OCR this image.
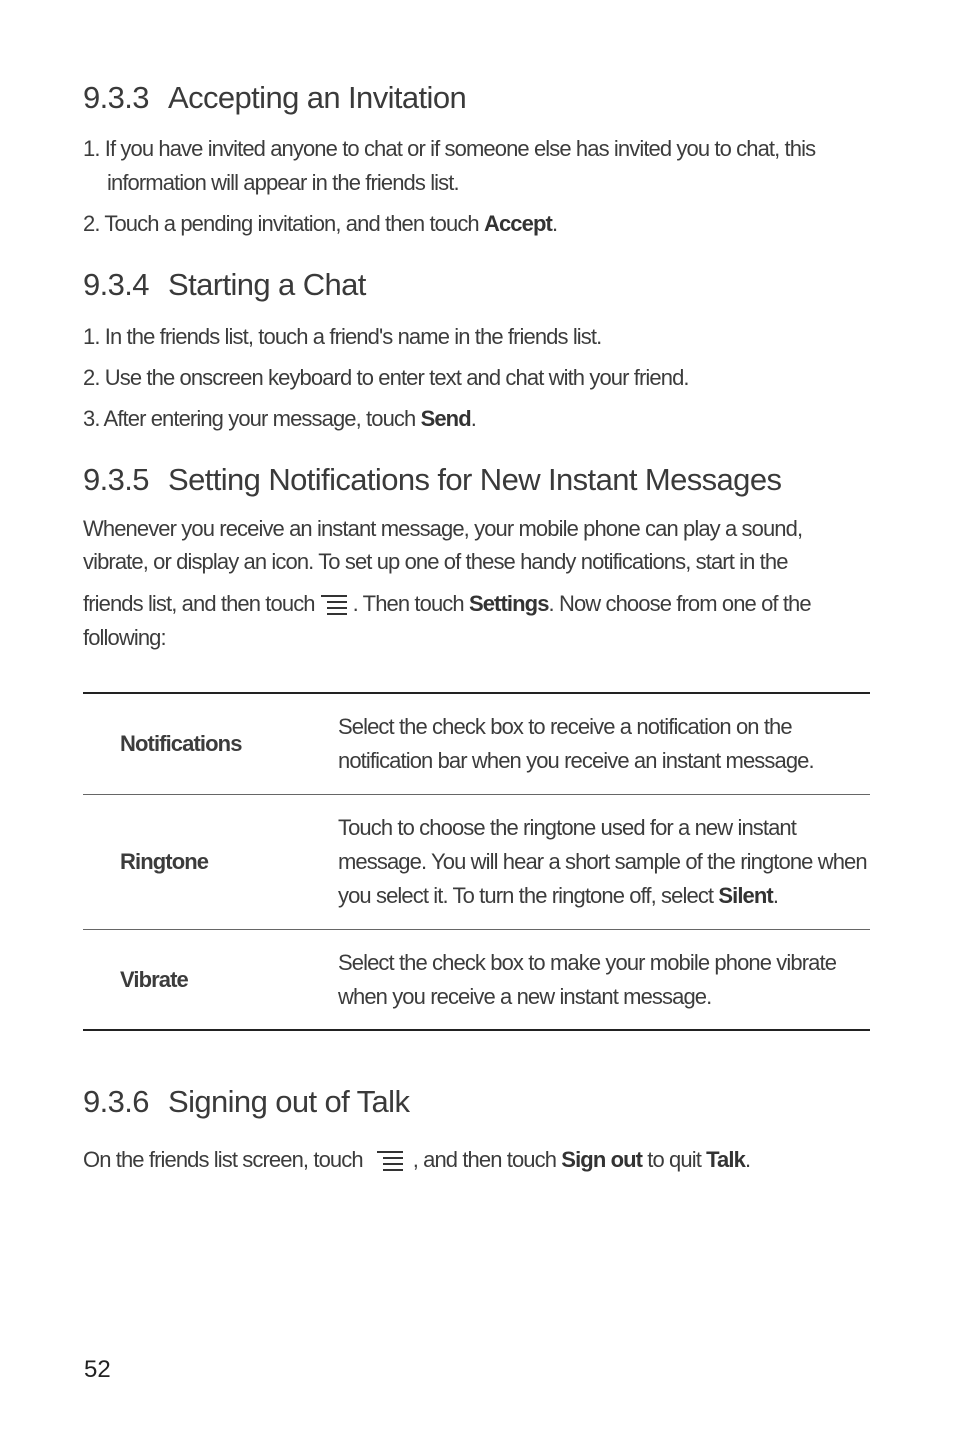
9.3.3 Accepting an Invitation
1. If you have invited anyone to chat or if someone else has invited you to chat, this
information will appear in the friends list.
2. Touch a pending invitation, and then touch Accept.
9.3.4 Starting a Chat
1. In the friends list, touch a friend's name in the friends list.
2. Use the onscreen keyboard to enter text and chat with your friend.
3. After entering your message, touch Send.
9.3.5 Setting Notifications for New Instant Messages
Whenever you receive an instant message, your mobile phone can play a sound,
vibrate, or display an icon. To set up one of these handy notifications, start in the
friends list, and then touch . Then touch Settings. Now choose from one of the
following:
Notifications	Select the check box to receive a notification on the
notification bar when you receive an instant message.
Ringtone	Touch to choose the ringtone used for a new instant
message. You will hear a short sample of the ringtone when
you select it. To turn the ringtone off, select Silent.
Vibrate	Select the check box to make your mobile phone vibrate
when you receive a new instant message.
9.3.6 Signing out of Talk
On the friends list screen, touch , and then touch Sign out to quit Talk.
52
